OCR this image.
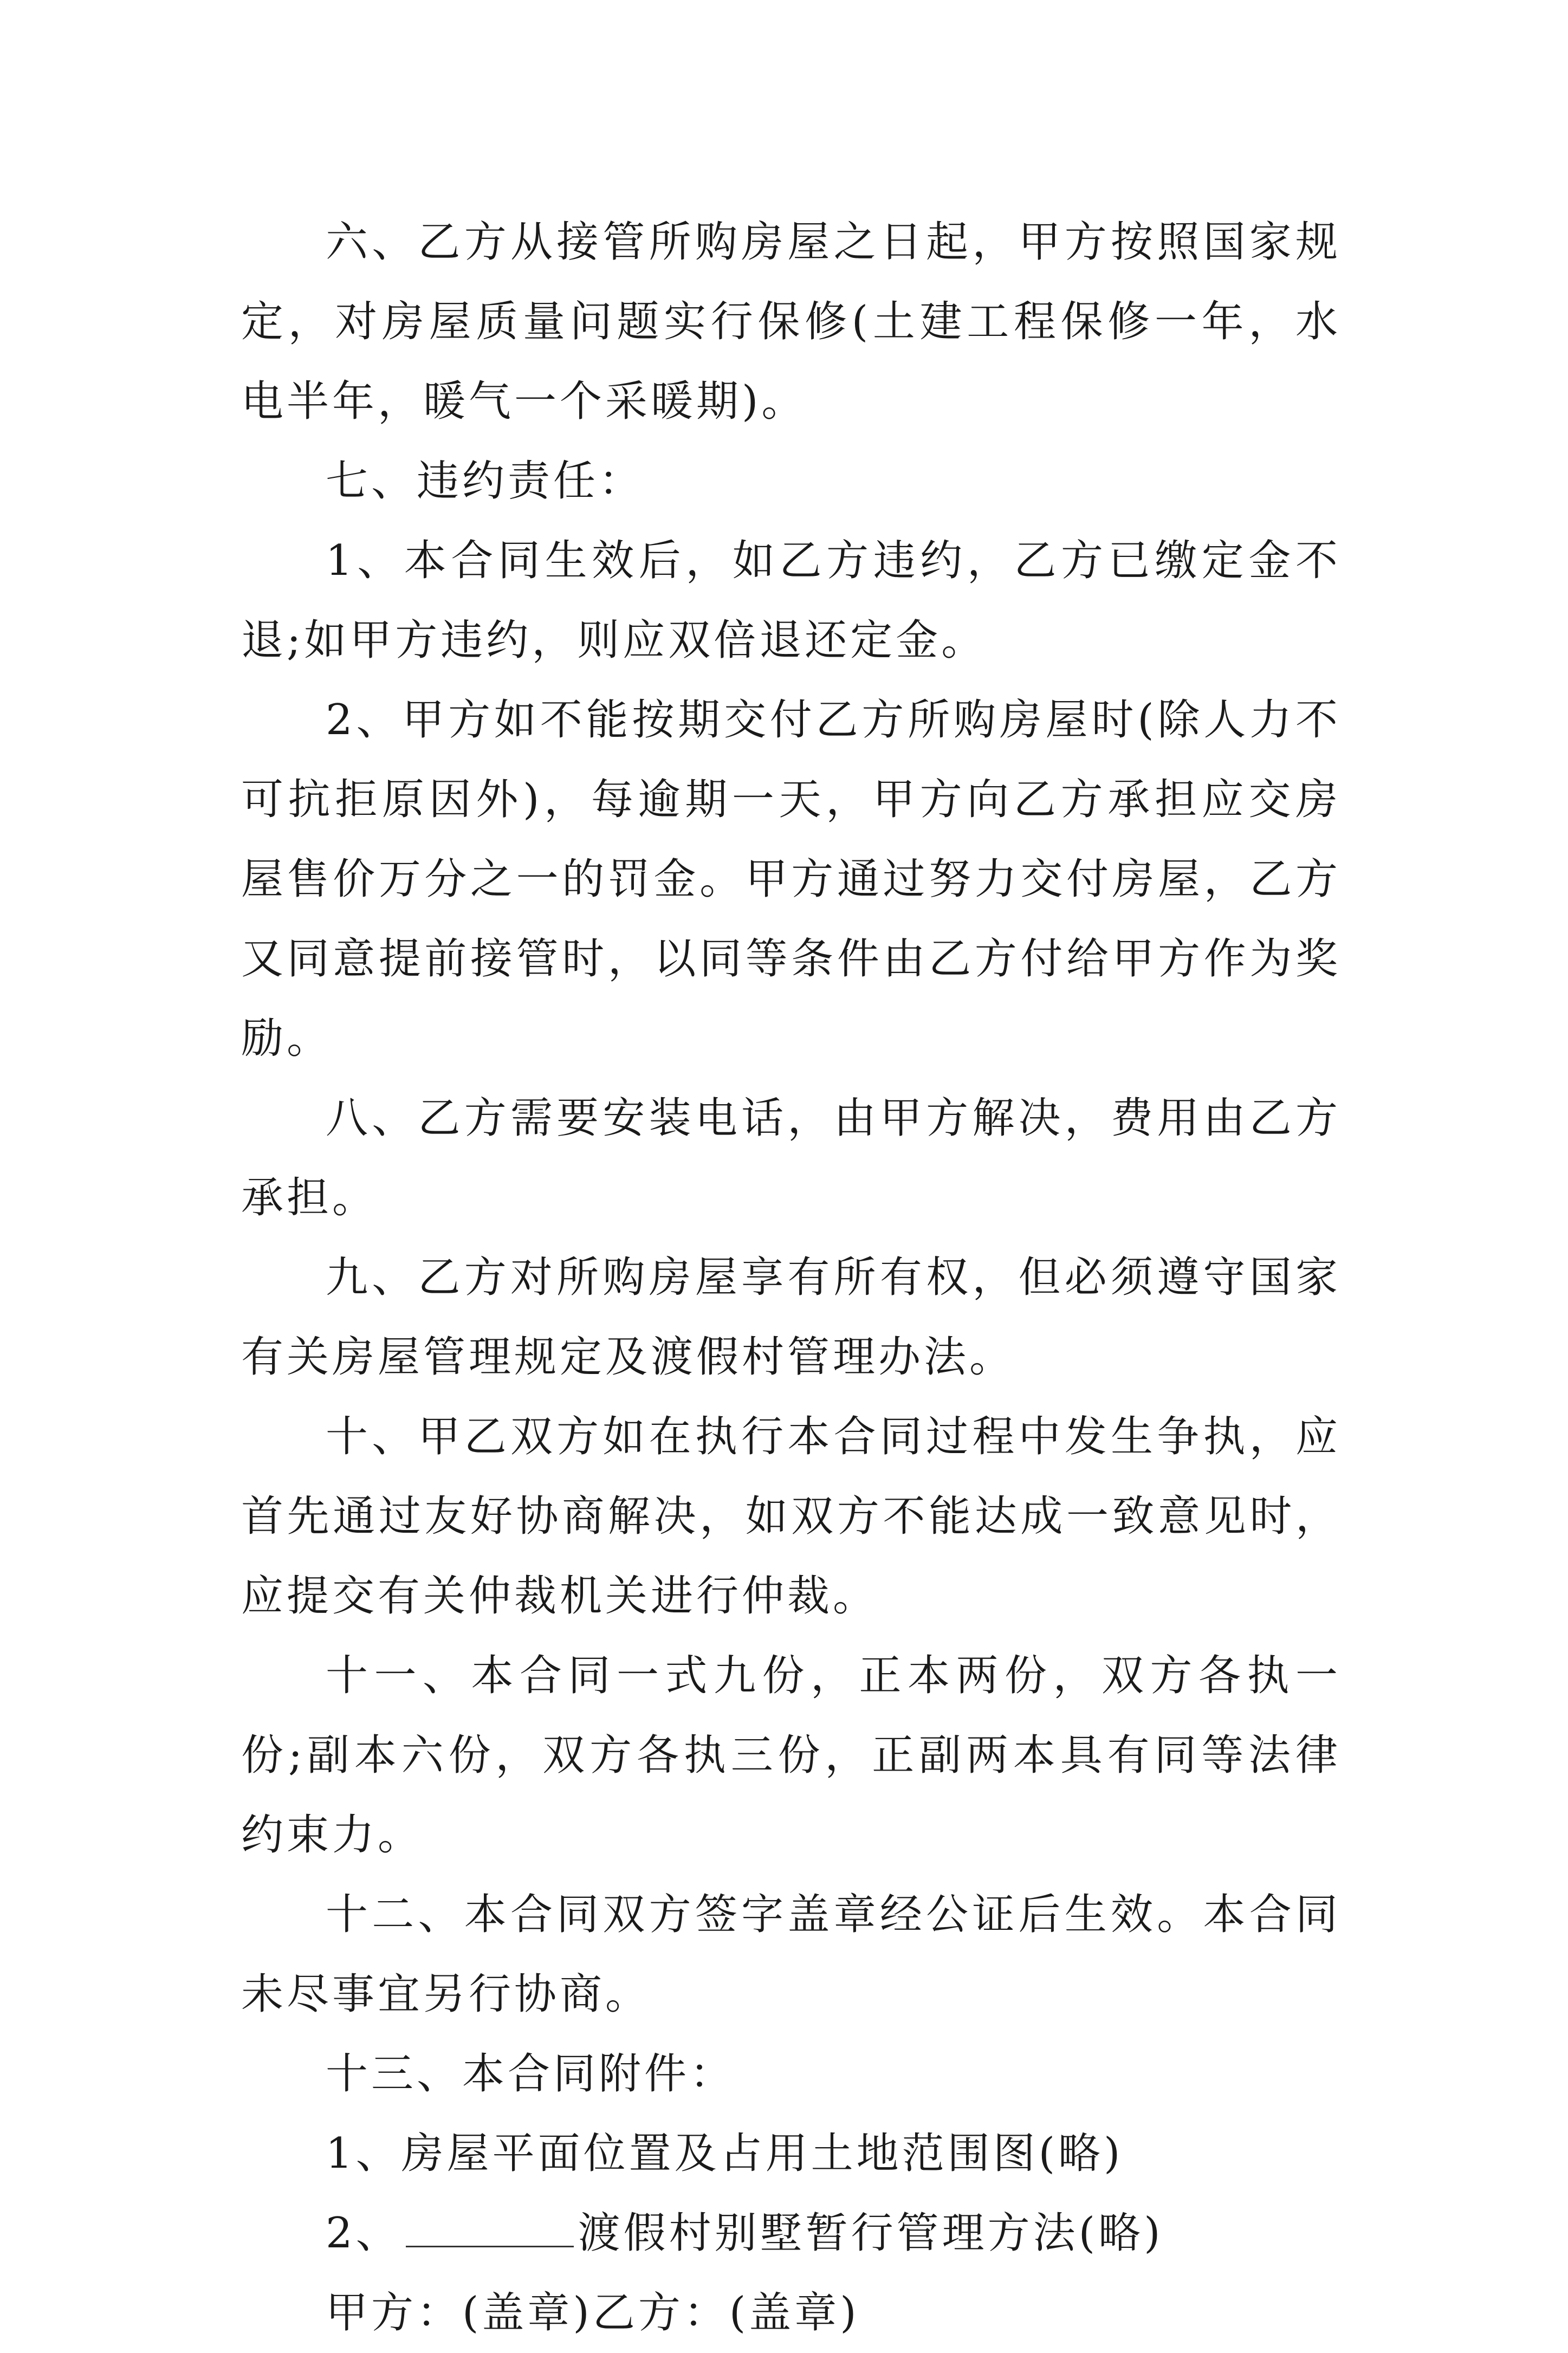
六、乙方从接管所购房屋之日起，甲方按照国家规定，对房屋质量问题实行保修(土建工程保修一年，水电半年，暖气一个采暖期)。

七、违约责任：

1、本合同生效后，如乙方违约，乙方已缴定金不退;如甲方违约，则应双倍退还定金。

2、甲方如不能按期交付乙方所购房屋时(除人力不可抗拒原因外)，每逾期一天，甲方向乙方承担应交房屋售价万分之一的罚金。甲方通过努力交付房屋，乙方又同意提前接管时，以同等条件由乙方付给甲方作为奖励。

八、乙方需要安装电话，由甲方解决，费用由乙方承担。

九、乙方对所购房屋享有所有权，但必须遵守国家有关房屋管理规定及渡假村管理办法。

十、甲乙双方如在执行本合同过程中发生争执，应首先通过友好协商解决，如双方不能达成一致意见时，应提交有关仲裁机关进行仲裁。

十一、本合同一式九份，正本两份，双方各执一份;副本六份，双方各执三份，正副两本具有同等法律约束力。

十二、本合同双方签字盖章经公证后生效。本合同未尽事宜另行协商。

十三、本合同附件：

1、房屋平面位置及占用土地范围图(略)

2、	渡假村别墅暂行管理方法(略)

甲方：(盖章)乙方：(盖章)
